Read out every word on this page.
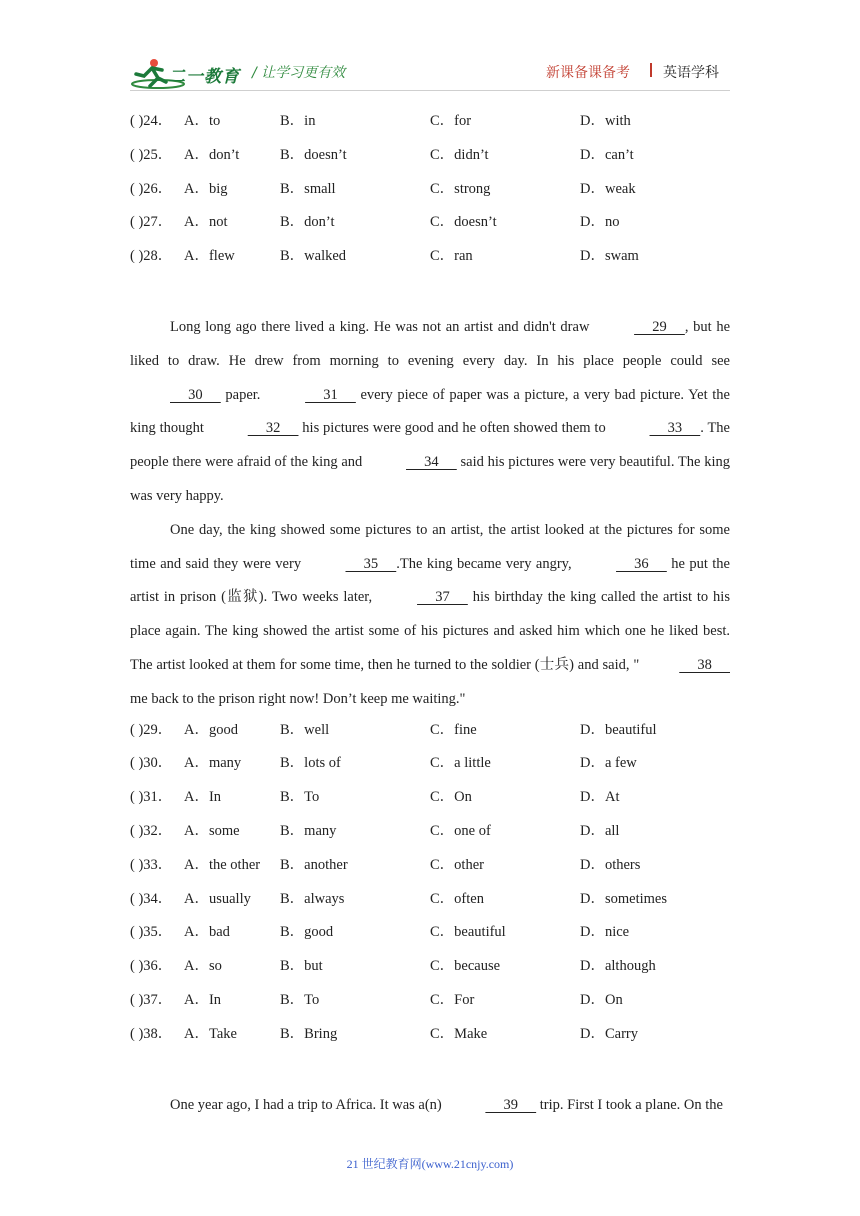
二一教育 / 让学习更有效	新课备课备考 英语学科
( )24． A．to	B．in	C．for	D．with
( )25． A．don’t	B．doesn’t	C．didn’t	D．can’t
( )26． A．big	B．small	C．strong	D．weak
( )27． A．not	B．don’t	C．doesn’t	D．no
( )28． A．flew	B．walked	C．ran	D．swam

Long long ago there lived a king. He was not an artist and didn't draw	29     , but he liked to draw. He drew from morning to evening every day. In his place people could see      30      paper.	31      every piece of paper was a picture, a very bad picture. Yet the king thought	32      his pictures were good and he often showed them to	33     . The people there were afraid of the king and	34      said his pictures were very beautiful. The king was very happy.

One day, the king showed some pictures to an artist, the artist looked at the pictures for some time and said they were very	35     .The king became very angry,	36      he put the artist in prison (监狱). Two weeks later,	37      his birthday the king called the artist to his place again. The king showed the artist some of his pictures and asked him which one he liked best. The artist looked at them for some time, then he turned to the soldier (士兵) and said, "	38      me back to the prison right now! Don’t keep me waiting."

( )29． A．good	B．well	C．fine	D．beautiful
( )30． A．many	B．lots of	C．a little	D．a few
( )31． A．In	B．To	C．On	D．At
( )32． A．some	B．many	C．one of	D．all
( )33． A．the other B．another	C．other	D．others
( )34． A．usually B．always	C．often	D．sometimes
( )35． A．bad	B．good	C．beautiful	D．nice
( )36． A．so	B．but	C．because	D．although
( )37． A．In	B．To	C．For	D．On
( )38． A．Take	B．Bring	C．Make	D．Carry

One year ago, I had a trip to Africa. It was a(n)	39      trip. First I took a plane. On the

21 世纪教育网(www.21cnjy.com)
